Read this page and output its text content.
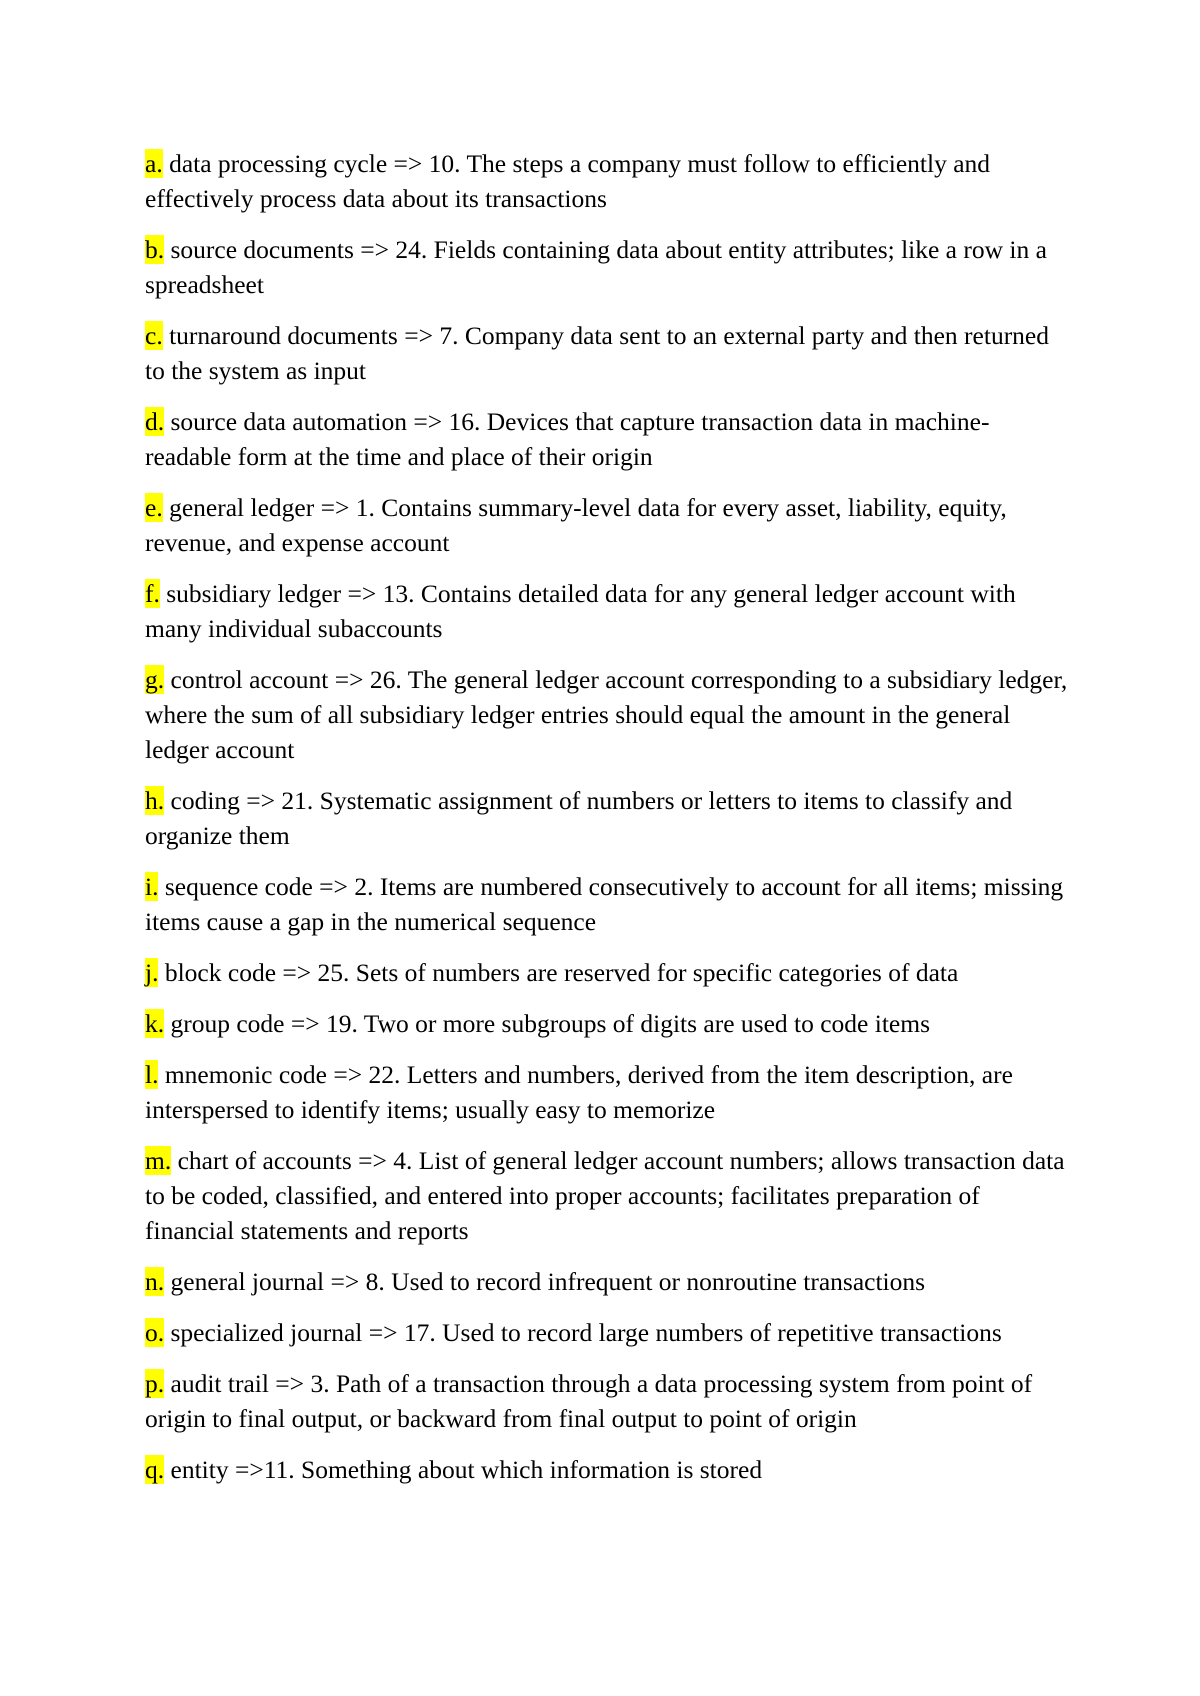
a. data processing cycle => 10. The steps a company must follow to efficiently and effectively process data about its transactions

b. source documents => 24. Fields containing data about entity attributes; like a row in a spreadsheet

c. turnaround documents => 7. Company data sent to an external party and then returned to the system as input

d. source data automation => 16. Devices that capture transaction data in machine-readable form at the time and place of their origin

e. general ledger => 1. Contains summary-level data for every asset, liability, equity, revenue, and expense account

f. subsidiary ledger => 13. Contains detailed data for any general ledger account with many individual subaccounts

g. control account => 26. The general ledger account corresponding to a subsidiary ledger, where the sum of all subsidiary ledger entries should equal the amount in the general ledger account

h. coding => 21. Systematic assignment of numbers or letters to items to classify and organize them

i. sequence code => 2. Items are numbered consecutively to account for all items; missing items cause a gap in the numerical sequence

j. block code => 25. Sets of numbers are reserved for specific categories of data

k. group code => 19. Two or more subgroups of digits are used to code items

l. mnemonic code => 22. Letters and numbers, derived from the item description, are interspersed to identify items; usually easy to memorize

m. chart of accounts => 4. List of general ledger account numbers; allows transaction data to be coded, classified, and entered into proper accounts; facilitates preparation of financial statements and reports

n. general journal => 8. Used to record infrequent or nonroutine transactions

o. specialized journal => 17. Used to record large numbers of repetitive transactions

p. audit trail => 3. Path of a transaction through a data processing system from point of origin to final output, or backward from final output to point of origin

q. entity =>11. Something about which information is stored
